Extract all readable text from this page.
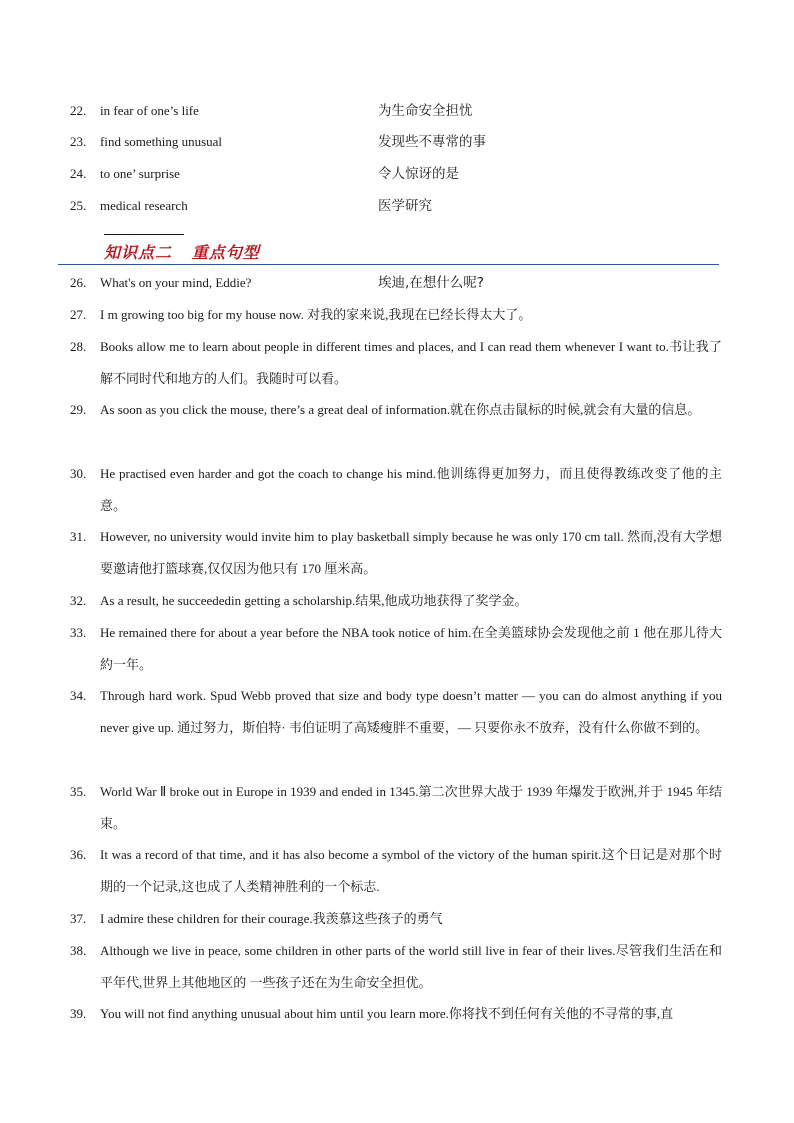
22.	in fear of one’s life	为生命安全担忧
23.	find something unusual	发现些不專常的事
24.	to one’ surprise	令人惊讶的是
25.	medical research	医学研究
知识点二   重点句型
26.	What's on your mind, Eddie?	埃迪,在想什么呢?
27.	I m growing too big for my house now. 对我的家来说,我现在已经长得太大了。
28.	Books allow me to learn about people in different times and places, and I can read them whenever I want to.书让我了解不同时代和地方的人们。我随时可以看。
29.	As soon as you click the mouse, there’s a great deal of information.就在你点击鼠标的时候,就会有大量的信息。
30.	He practised even harder and got the coach to change his mind.他训练得更加努力，而且使得教练改变了他的主意。
31.	However, no university would invite him to play basketball simply because he was only 170 cm tall. 然而,没有大学想要邀请他打篮球赛,仅仅因为他只有 170 厘米高。
32.	As a result, he succeededin getting a scholarship.结果,他成功地获得了奖学金。
33.	He remained there for about a year before the NBA took notice of him.在全美篮球协会发现他之前 1 他在那儿待大約一年。
34.	Through hard work. Spud Webb proved that size and body type doesn’t matter — you can do almost anything if you never give up. 通过努力，斯伯特· 韦伯证明了高矮瘦胖不重要，— 只要你永不放弃，没有什么你做不到的。
35.	World War Ⅱ broke out in Europe in 1939 and ended in 1345.第二次世界大战于 1939 年爆发于欧洲,并于 1945 年结束。
36.	It was a record of that time, and it has also become a symbol of the victory of the human spirit.这个日记是对那个时期的一个记录,这也成了人类精神胜利的一个标志.
37.	I admire these children for their courage.我羡慕这些孩子的勇气
38.	Although we live in peace, some children in other parts of the world still live in fear of their lives.尽管我们生活在和平年代,世界上其他地区的 一些孩子还在为生命安全担优。
39.	You will not find anything unusual about him until you learn more.你将找不到任何有关他的不寻常的事,直
